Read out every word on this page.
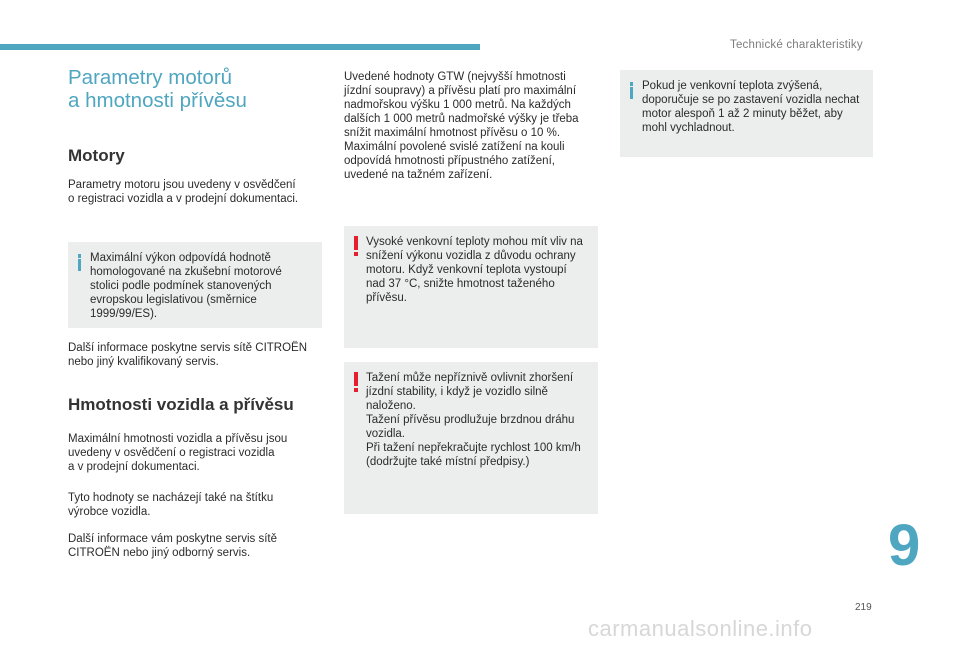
Technické charakteristiky
Parametry motorů
a hmotnosti přívěsu
Motory

Parametry motoru jsou uvedeny v osvědčení
o registraci vozidla a v prodejní dokumentaci.

Maximální výkon odpovídá hodnotě
homologované na zkušební motorové
stolici podle podmínek stanovených
evropskou legislativou (směrnice
1999/99/ES).

Další informace poskytne servis sítě CITROËN
nebo jiný kvalifikovaný servis.

Hmotnosti vozidla a přívěsu

Maximální hmotnosti vozidla a přívěsu jsou
uvedeny v osvědčení o registraci vozidla
a v prodejní dokumentaci.

Tyto hodnoty se nacházejí také na štítku
výrobce vozidla.

Další informace vám poskytne servis sítě
CITROËN nebo jiný odborný servis.

Uvedené hodnoty GTW (nejvyšší hmotnosti
jízdní soupravy) a přívěsu platí pro maximální
nadmořskou výšku 1 000 metrů. Na každých
dalších 1 000 metrů nadmořské výšky je třeba
snížit maximální hmotnost přívěsu o 10 %.
Maximální povolené svislé zatížení na kouli
odpovídá hmotnosti přípustného zatížení,
uvedené na tažném zařízení.

Vysoké venkovní teploty mohou mít vliv na
snížení výkonu vozidla z důvodu ochrany
motoru. Když venkovní teplota vystoupí
nad 37 °C, snižte hmotnost taženého
přívěsu.

Tažení může nepříznivě ovlivnit zhoršení
jízdní stability, i když je vozidlo silně
naloženo.
Tažení přívěsu prodlužuje brzdnou dráhu
vozidla.
Při tažení nepřekračujte rychlost 100 km/h
(dodržujte také místní předpisy.)

Pokud je venkovní teplota zvýšená,
doporučuje se po zastavení vozidla nechat
motor alespoň 1 až 2 minuty běžet, aby
mohl vychladnout.

9
219
carmanualsonline.info
